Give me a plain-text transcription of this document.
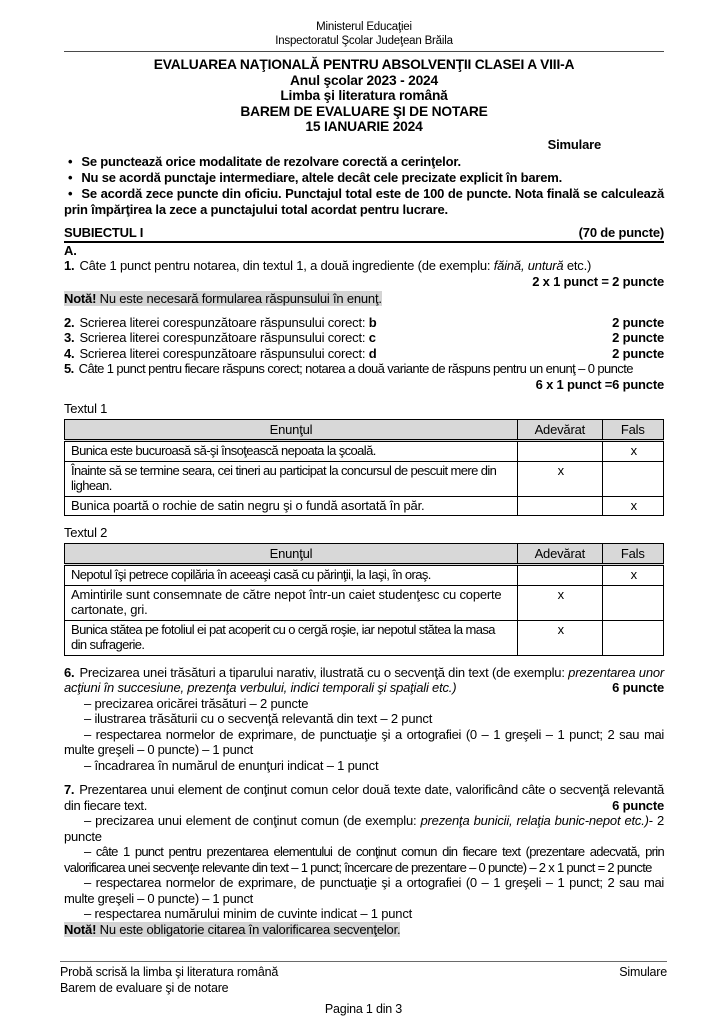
Ministerul Educaţiei
Inspectoratul Şcolar Judeţean Brăila
EVALUAREA NAŢIONALĂ PENTRU ABSOLVENŢII CLASEI A VIII-A
Anul şcolar 2023 - 2024
Limba şi literatura română
BAREM DE EVALUARE ŞI DE NOTARE
15 IANUARIE 2024
Simulare
• Se punctează orice modalitate de rezolvare corectă a cerinţelor.
• Nu se acordă punctaje intermediare, altele decât cele precizate explicit în barem.
• Se acordă zece puncte din oficiu. Punctajul total este de 100 de puncte. Nota finală se calculează prin împărţirea la zece a punctajului total acordat pentru lucrare.
SUBIECTUL I	(70 de puncte)
A.
1. Câte 1 punct pentru notarea, din textul 1, a două ingrediente (de exemplu: făină, untură etc.)
2 x 1 punct = 2 puncte
Notă! Nu este necesară formularea răspunsului în enunţ.
2. Scrierea literei corespunzătoare răspunsului corect: b	2 puncte
3. Scrierea literei corespunzătoare răspunsului corect: c	2 puncte
4. Scrierea literei corespunzătoare răspunsului corect: d	2 puncte
5. Câte 1 punct pentru fiecare răspuns corect; notarea a două variante de răspuns pentru un enunţ – 0 puncte
6 x 1 punct =6 puncte
Textul 1
Enunţul	Adevărat	Fals
Bunica este bucuroasă să-şi însoţească nepoata la şcoală.		x
Înainte să se termine seara, cei tineri au participat la concursul de pescuit mere din lighean.	x	
Bunica poartă o rochie de satin negru şi o fundă asortată în păr.		x
Textul 2
Enunţul	Adevărat	Fals
Nepotul îşi petrece copilăria în aceeaşi casă cu părinţii, la Iaşi, în oraş.		x
Amintirile sunt consemnate de către nepot într-un caiet studenţesc cu coperte cartonate, gri.	x	
Bunica stătea pe fotoliul ei pat acoperit cu o cergă roşie, iar nepotul stătea la masa din sufragerie.	x	
6. Precizarea unei trăsături a tiparului narativ, ilustrată cu o secvenţă din text (de exemplu: prezentarea unor acţiuni în succesiune, prezenţa verbului, indici temporali şi spaţiali etc.)	6 puncte
– precizarea oricărei trăsături – 2 puncte
– ilustrarea trăsăturii cu o secvenţă relevantă din text – 2 punct
– respectarea normelor de exprimare, de punctuaţie şi a ortografiei (0 – 1 greşeli – 1 punct; 2 sau mai multe greşeli – 0 puncte) – 1 punct
– încadrarea în numărul de enunţuri indicat – 1 punct
7. Prezentarea unui element de conţinut comun celor două texte date, valorificând câte o secvenţă relevantă din fiecare text.	6 puncte
– precizarea unui element de conţinut comun (de exemplu: prezenţa bunicii, relaţia bunic-nepot etc.)- 2 puncte
– câte 1 punct pentru prezentarea elementului de conţinut comun din fiecare text (prezentare adecvată, prin valorificarea unei secvenţe relevante din text – 1 punct; încercare de prezentare – 0 puncte) – 2 x 1 punct = 2 puncte
– respectarea normelor de exprimare, de punctuaţie şi a ortografiei (0 – 1 greşeli – 1 punct; 2 sau mai multe greşeli – 0 puncte) – 1 punct
– respectarea numărului minim de cuvinte indicat – 1 punct
Notă! Nu este obligatorie citarea în valorificarea secvenţelor.
Probă scrisă la limba şi literatura română
Barem de evaluare şi de notare
Simulare
Pagina 1 din 3
